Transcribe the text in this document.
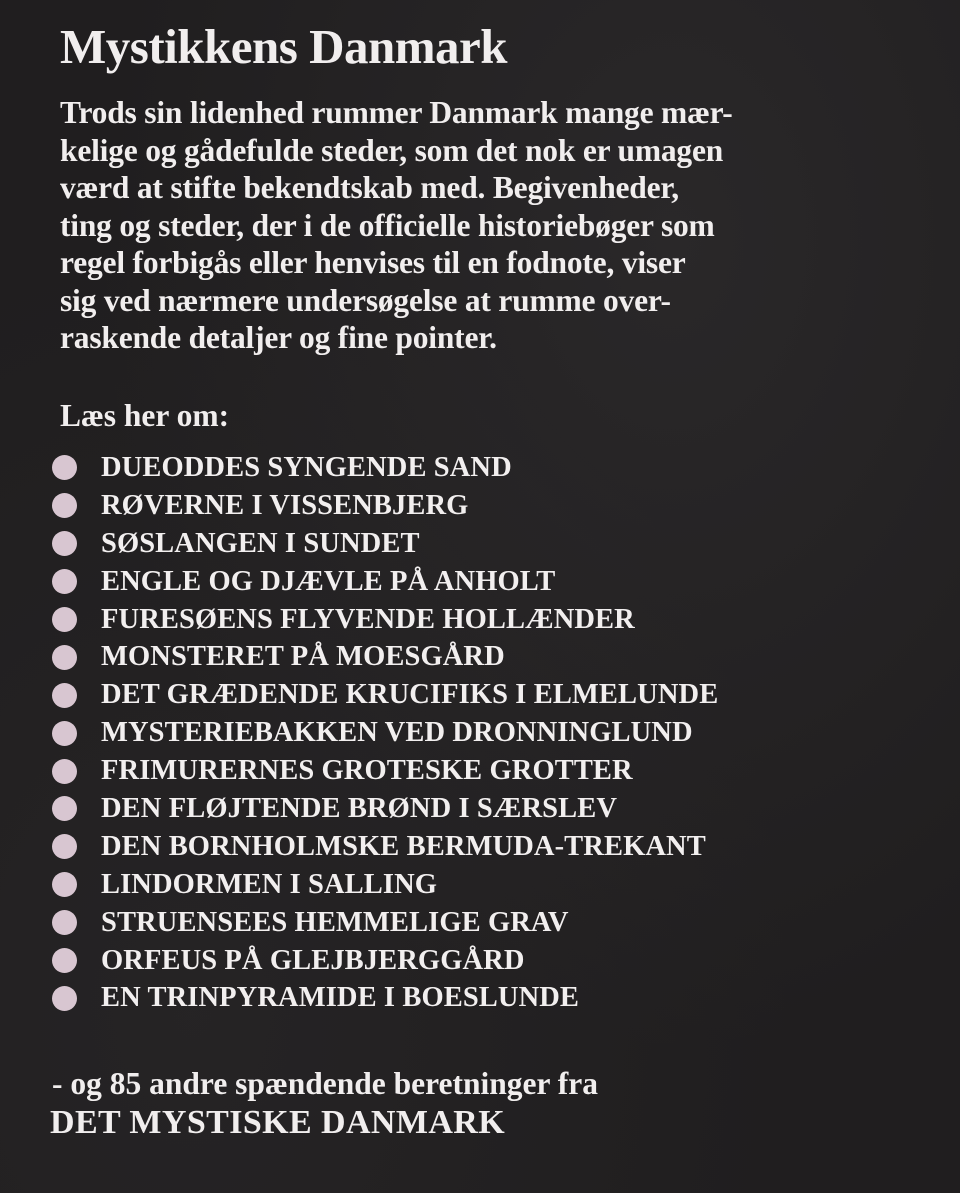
Mystikkens Danmark

Trods sin lidenhed rummer Danmark mange mær-
kelige og gådefulde steder, som det nok er umagen
værd at stifte bekendtskab med. Begivenheder,
ting og steder, der i de officielle historiebøger som
regel forbigås eller henvises til en fodnote, viser
sig ved nærmere undersøgelse at rumme over-
raskende detaljer og fine pointer.

Læs her om:

DUEODDES SYNGENDE SAND
RØVERNE I VISSENBJERG
SØSLANGEN I SUNDET
ENGLE OG DJÆVLE PÅ ANHOLT
FURESØENS FLYVENDE HOLLÆNDER
MONSTERET PÅ MOESGÅRD
DET GRÆDENDE KRUCIFIKS I ELMELUNDE
MYSTERIEBAKKEN VED DRONNINGLUND
FRIMURERNES GROTESKE GROTTER
DEN FLØJTENDE BRØND I SÆRSLEV
DEN BORNHOLMSKE BERMUDA-TREKANT
LINDORMEN I SALLING
STRUENSEES HEMMELIGE GRAV
ORFEUS PÅ GLEJBJERGGÅRD
EN TRINPYRAMIDE I BOESLUNDE

- og 85 andre spændende beretninger fra

DET MYSTISKE DANMARK
